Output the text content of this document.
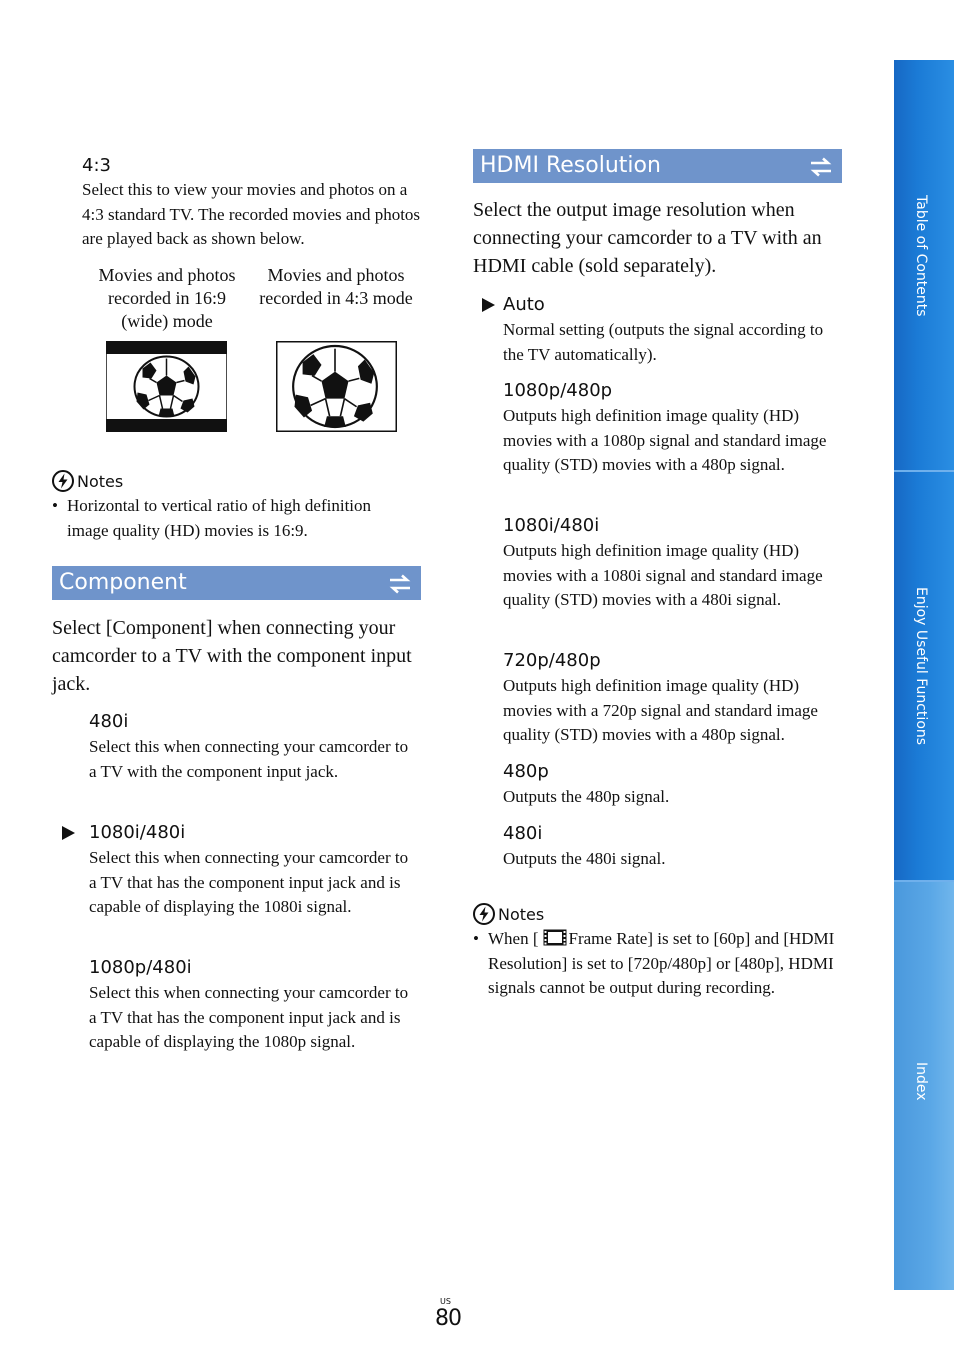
4:3
Select this to view your movies and photos on a 4:3 standard TV. The recorded movies and photos are played back as shown below.
Movies and photos recorded in 16:9 (wide) mode
Movies and photos recorded in 4:3 mode
Notes
• Horizontal to vertical ratio of high definition image quality (HD) movies is 16:9.
Component
Select [Component] when connecting your camcorder to a TV with the component input jack.
480i
Select this when connecting your camcorder to a TV with the component input jack.
1080i/480i
Select this when connecting your camcorder to a TV that has the component input jack and is capable of displaying the 1080i signal.
1080p/480i
Select this when connecting your camcorder to a TV that has the component input jack and is capable of displaying the 1080p signal.
HDMI Resolution
Select the output image resolution when connecting your camcorder to a TV with an HDMI cable (sold separately).
Auto
Normal setting (outputs the signal according to the TV automatically).
1080p/480p
Outputs high definition image quality (HD) movies with a 1080p signal and standard image quality (STD) movies with a 480p signal.
1080i/480i
Outputs high definition image quality (HD) movies with a 1080i signal and standard image quality (STD) movies with a 480i signal.
720p/480p
Outputs high definition image quality (HD) movies with a 720p signal and standard image quality (STD) movies with a 480p signal.
480p
Outputs the 480p signal.
480i
Outputs the 480i signal.
Notes
• When [ Frame Rate] is set to [60p] and [HDMI Resolution] is set to [720p/480p] or [480p], HDMI signals cannot be output during recording.
Table of Contents
Enjoy Useful Functions
Index
US
80
